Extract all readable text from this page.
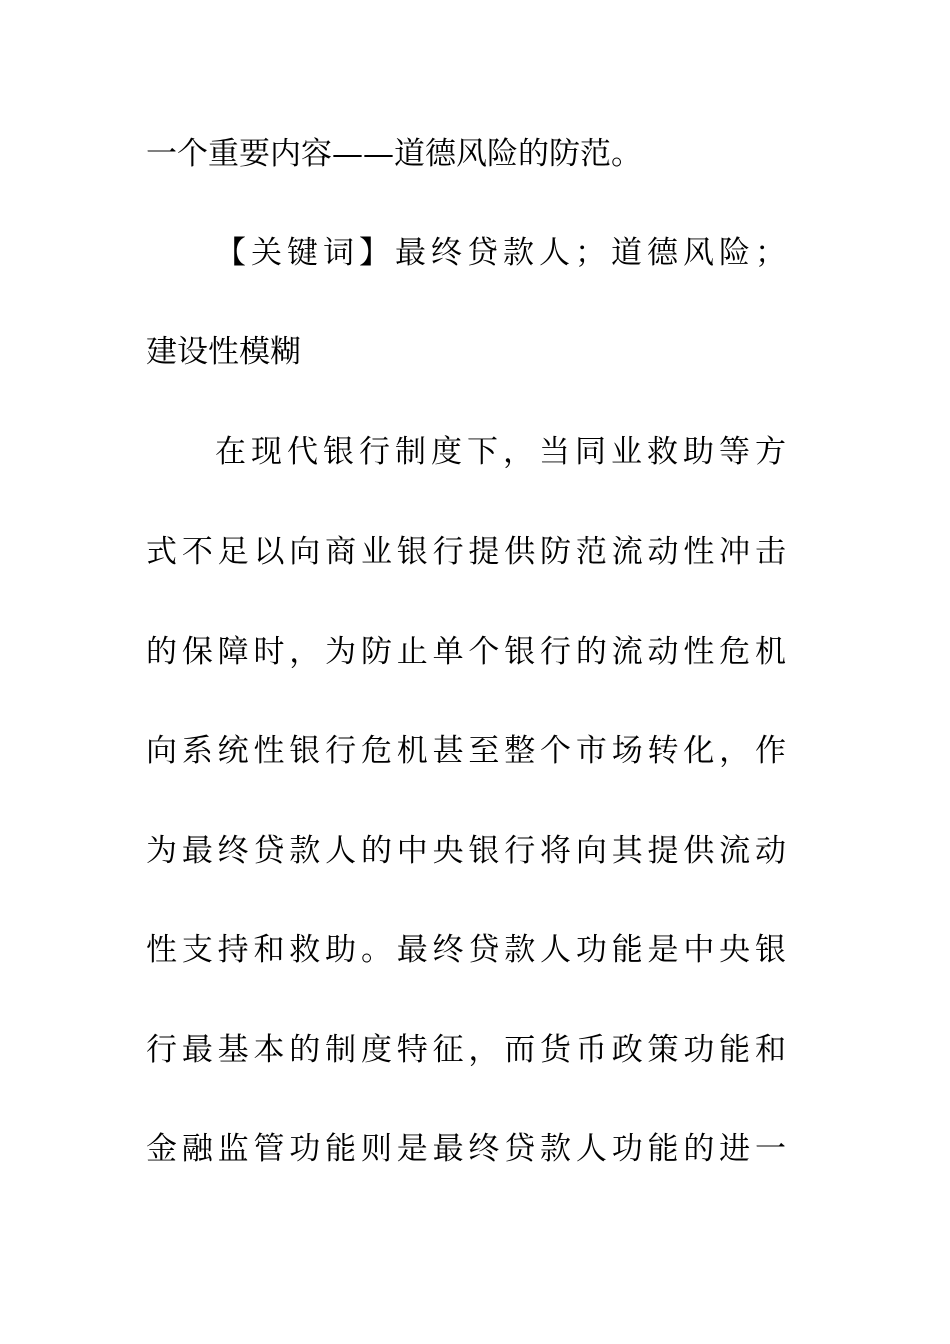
一个重要内容——道德风险的防范。
【关键词】最终贷款人；道德风险；
建设性模糊
在现代银行制度下，当同业救助等方
式不足以向商业银行提供防范流动性冲击
的保障时，为防止单个银行的流动性危机
向系统性银行危机甚至整个市场转化，作
为最终贷款人的中央银行将向其提供流动
性支持和救助。最终贷款人功能是中央银
行最基本的制度特征，而货币政策功能和
金融监管功能则是最终贷款人功能的进一
